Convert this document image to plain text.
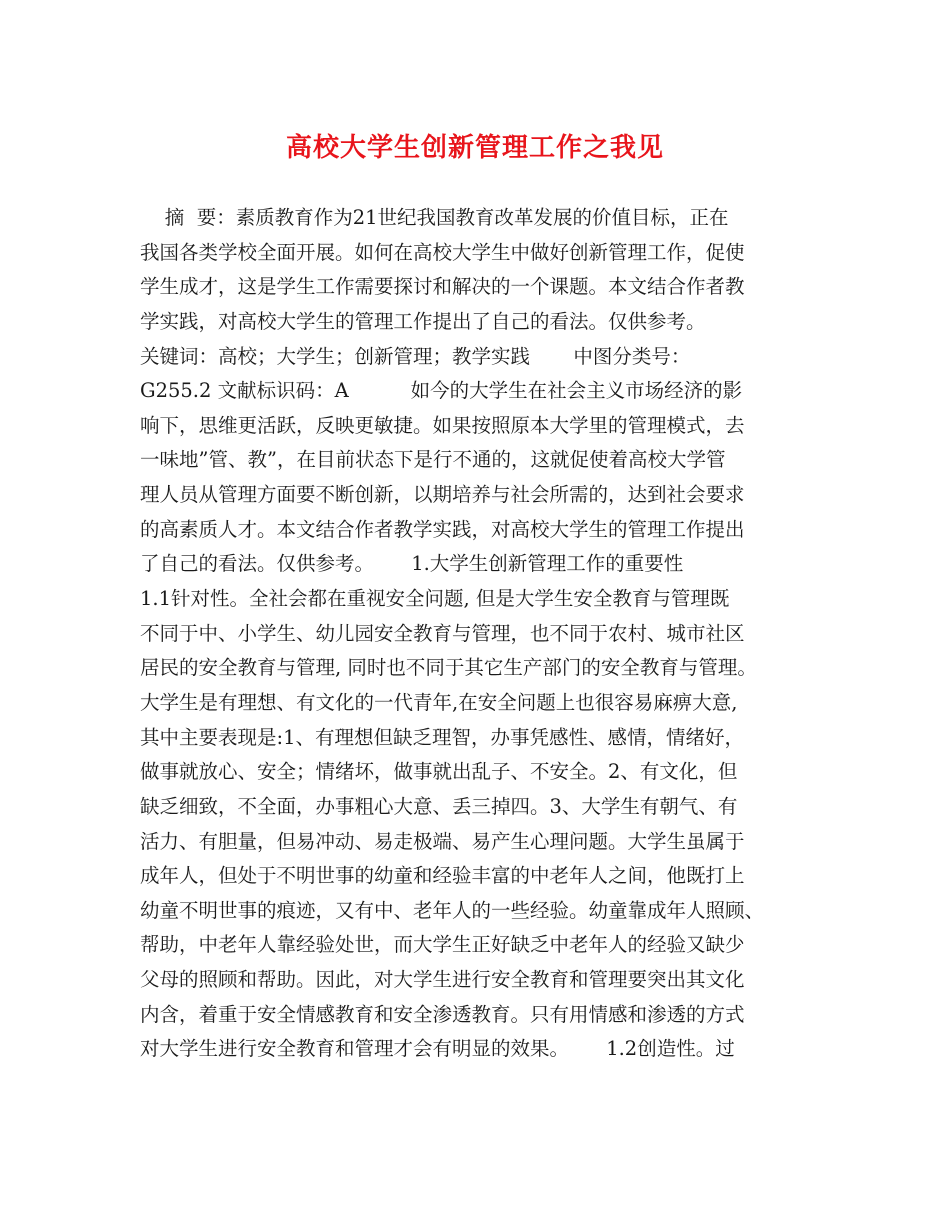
高校大学生创新管理工作之我见
摘  要：素质教育作为21世纪我国教育改革发展的价值目标，正在
我国各类学校全面开展。如何在高校大学生中做好创新管理工作，促使
学生成才，这是学生工作需要探讨和解决的一个课题。本文结合作者教
学实践，对高校大学生的管理工作提出了自己的看法。仅供参考。
关键词：高校；大学生；创新管理；教学实践       中图分类号：
G255.2 文献标识码：A          如今的大学生在社会主义市场经济的影
响下，思维更活跃，反映更敏捷。如果按照原本大学里的管理模式，去
一味地”管、教”，在目前状态下是行不通的，这就促使着高校大学管
理人员从管理方面要不断创新，以期培养与社会所需的，达到社会要求
的高素质人才。本文结合作者教学实践，对高校大学生的管理工作提出
了自己的看法。仅供参考。      1.大学生创新管理工作的重要性
1.1针对性。全社会都在重视安全问题, 但是大学生安全教育与管理既
不同于中、小学生、幼儿园安全教育与管理，也不同于农村、城市社区
居民的安全教育与管理, 同时也不同于其它生产部门的安全教育与管理。
大学生是有理想、有文化的一代青年,在安全问题上也很容易麻痹大意,
其中主要表现是:1、有理想但缺乏理智，办事凭感性、感情，情绪好，
做事就放心、安全；情绪坏，做事就出乱子、不安全。2、有文化，但
缺乏细致，不全面，办事粗心大意、丢三掉四。3、大学生有朝气、有
活力、有胆量，但易冲动、易走极端、易产生心理问题。大学生虽属于
成年人，但处于不明世事的幼童和经验丰富的中老年人之间，他既打上
幼童不明世事的痕迹，又有中、老年人的一些经验。幼童靠成年人照顾、
帮助，中老年人靠经验处世，而大学生正好缺乏中老年人的经验又缺少
父母的照顾和帮助。因此，对大学生进行安全教育和管理要突出其文化
内含，着重于安全情感教育和安全渗透教育。只有用情感和渗透的方式
对大学生进行安全教育和管理才会有明显的效果。      1.2创造性。过
